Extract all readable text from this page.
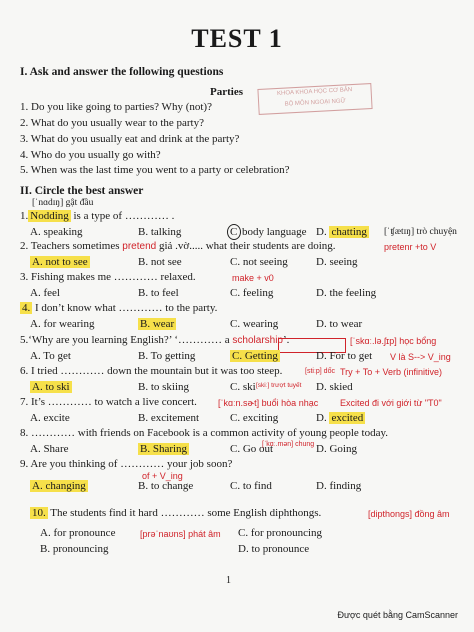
TEST 1
I. Ask and answer the following questions
Parties	KHOA KHOA HỌC CƠ BẢN
BỘ MÔN NGOẠI NGỮ
1. Do you like going to parties? Why (not)?
2. What do you usually wear to the party?
3. What do you usually eat and drink at the party?
4. Who do you usually go with?
5. When was the last time you went to a party or celebration?
II. Circle the best answer
[ˈnɑdɪŋ] gật đầu
1. Nodding is a type of ………… .
A. speaking	B. talking	C body language D. chatting [ˈʧætɪŋ] trò chuyện
2. Teachers sometimes pretend giả .vờ..... what their students are doing.	pretenr +to V
A. not to see	B. not see	C. not seeing	D. seeing
3. Fishing makes me ………… relaxed.	make + v0
A. feel	B. to feel	C. feeling	D. the feeling
4. I don’t know what ………… to the party.
A. for wearing	B. wear	C. wearing	D. to wear
5.‘Why are you learning English?’ ‘………… a scholarship’.	[ˈskɑː.lə.ʃɪp] học bổng
A. To get	B. To getting	C. Getting	D. For to get V là S--> V_ing
6. I tried ………… down the mountain but it was too steep.	[stiːp] dốc Try + To + Verb (infinitive)
A. to ski	B. to skiing	C. ski [skiː] trượt tuyết D. skied
7. It’s ………… to watch a live concert. [ˈkɑːn.sɚt] buổi hòa nhạc Excited đi với giới từ "T0"
A. excite	B. excitement	C. exciting	D. excited
8. ………… with friends on Facebook is a common activity of young people today.
[ˈkɑː.mən] chung
A. Share	B. Sharing	C. Go out	D. Going
9. Are you thinking of ………… your job soon?
of + V_ing
A. changing	B. to change	C. to find	D. finding
10. The students find it hard ………… some English diphthongs.	[dipthongs] đồng âm
A. for pronounce	[prəˈnaʊns] phát âm C. for pronouncing
B. pronouncing	D. to pronounce
1
Được quét bằng CamScanner
